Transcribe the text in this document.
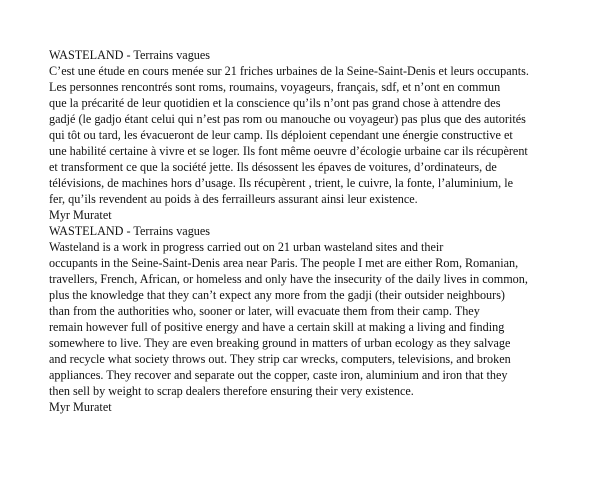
WASTELAND - Terrains vagues
C’est une étude en cours menée sur 21 friches urbaines de la Seine-Saint-Denis et leurs occupants.
Les personnes rencontrés sont roms, roumains, voyageurs, français, sdf, et n’ont en commun
que la précarité de leur quotidien et la conscience qu’ils n’ont pas grand chose à attendre des
gadjé (le gadjo étant celui qui n’est pas rom ou manouche ou voyageur) pas plus que des autorités
qui tôt ou tard, les évacueront de leur camp. Ils déploient cependant une énergie constructive et
une habilité certaine à vivre et se loger. Ils font même oeuvre d’écologie urbaine car ils récupèrent
et transforment ce que la société jette. Ils désossent les épaves de voitures, d’ordinateurs, de
télévisions, de machines hors d’usage. Ils récupèrent , trient, le cuivre, la fonte, l’aluminium, le
fer, qu’ils revendent au poids à des ferrailleurs assurant ainsi leur existence.
Myr Muratet
WASTELAND - Terrains vagues
Wasteland is a work in progress carried out on 21 urban wasteland sites and their
occupants in the Seine-Saint-Denis area near Paris. The people I met are either Rom, Romanian,
travellers, French, African, or homeless and only have the insecurity of the daily lives in common,
plus the knowledge that they can’t expect any more from the gadji (their outsider neighbours)
than from the authorities who, sooner or later, will evacuate them from their camp. They
remain however full of positive energy and have a certain skill at making a living and finding
somewhere to live. They are even breaking ground in matters of urban ecology as they salvage
and recycle what society throws out. They strip car wrecks, computers, televisions, and broken
appliances. They recover and separate out the copper, caste iron, aluminium and iron that they
then sell by weight to scrap dealers therefore ensuring their very existence.
Myr Muratet
